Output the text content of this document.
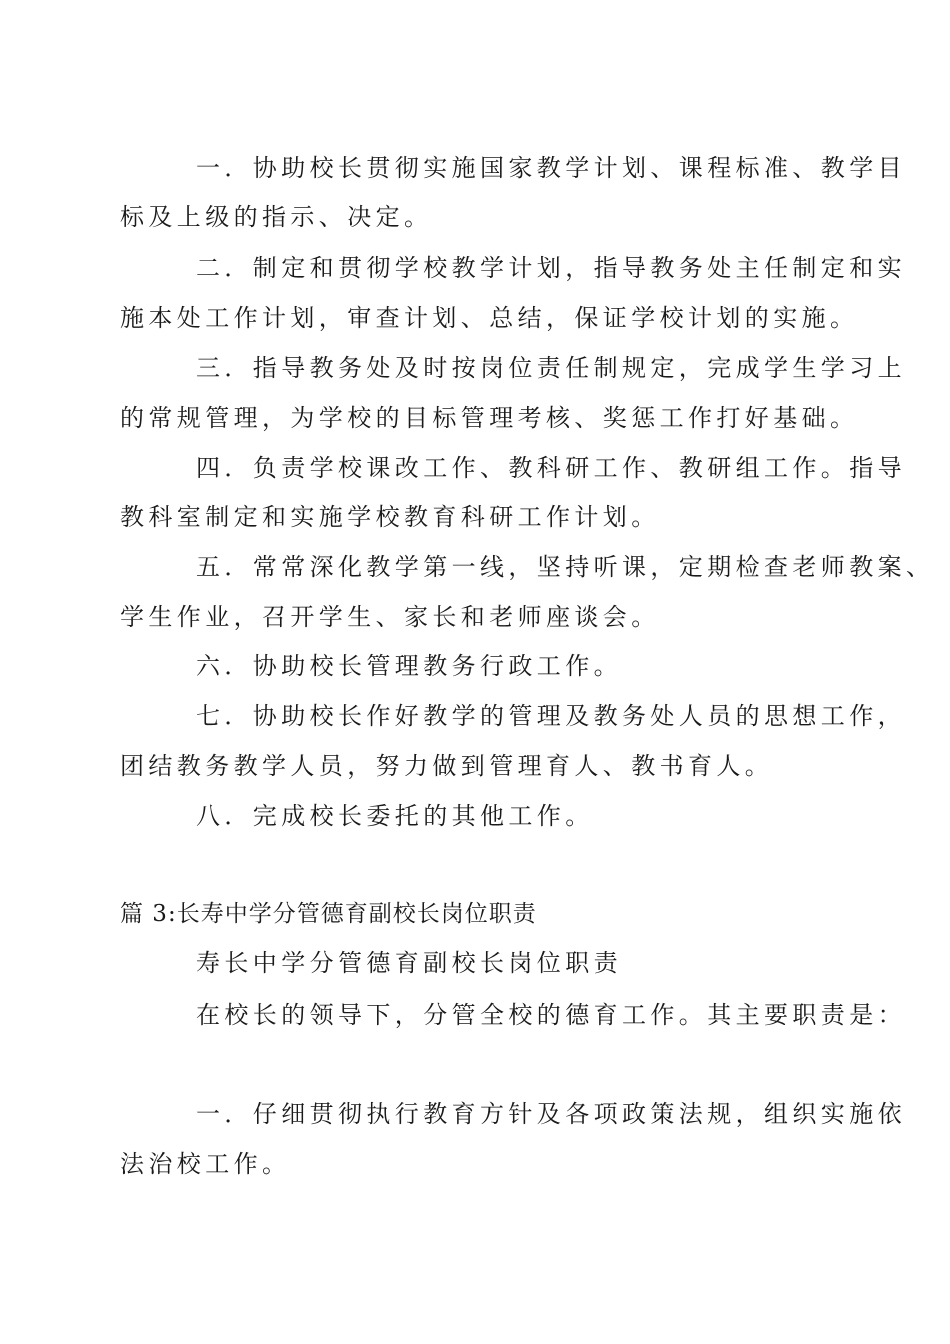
一．协助校长贯彻实施国家教学计划、课程标准、教学目
标及上级的指示、决定。
二．制定和贯彻学校教学计划，指导教务处主任制定和实
施本处工作计划，审查计划、总结，保证学校计划的实施。
三．指导教务处及时按岗位责任制规定，完成学生学习上
的常规管理，为学校的目标管理考核、奖惩工作打好基础。
四．负责学校课改工作、教科研工作、教研组工作。指导
教科室制定和实施学校教育科研工作计划。
五．常常深化教学第一线，坚持听课，定期检查老师教案、
学生作业，召开学生、家长和老师座谈会。
六．协助校长管理教务行政工作。
七．协助校长作好教学的管理及教务处人员的思想工作，
团结教务教学人员，努力做到管理育人、教书育人。
八．完成校长委托的其他工作。
篇 3:长寿中学分管德育副校长岗位职责
寿长中学分管德育副校长岗位职责
在校长的领导下，分管全校的德育工作。其主要职责是：
一．仔细贯彻执行教育方针及各项政策法规，组织实施依
法治校工作。
